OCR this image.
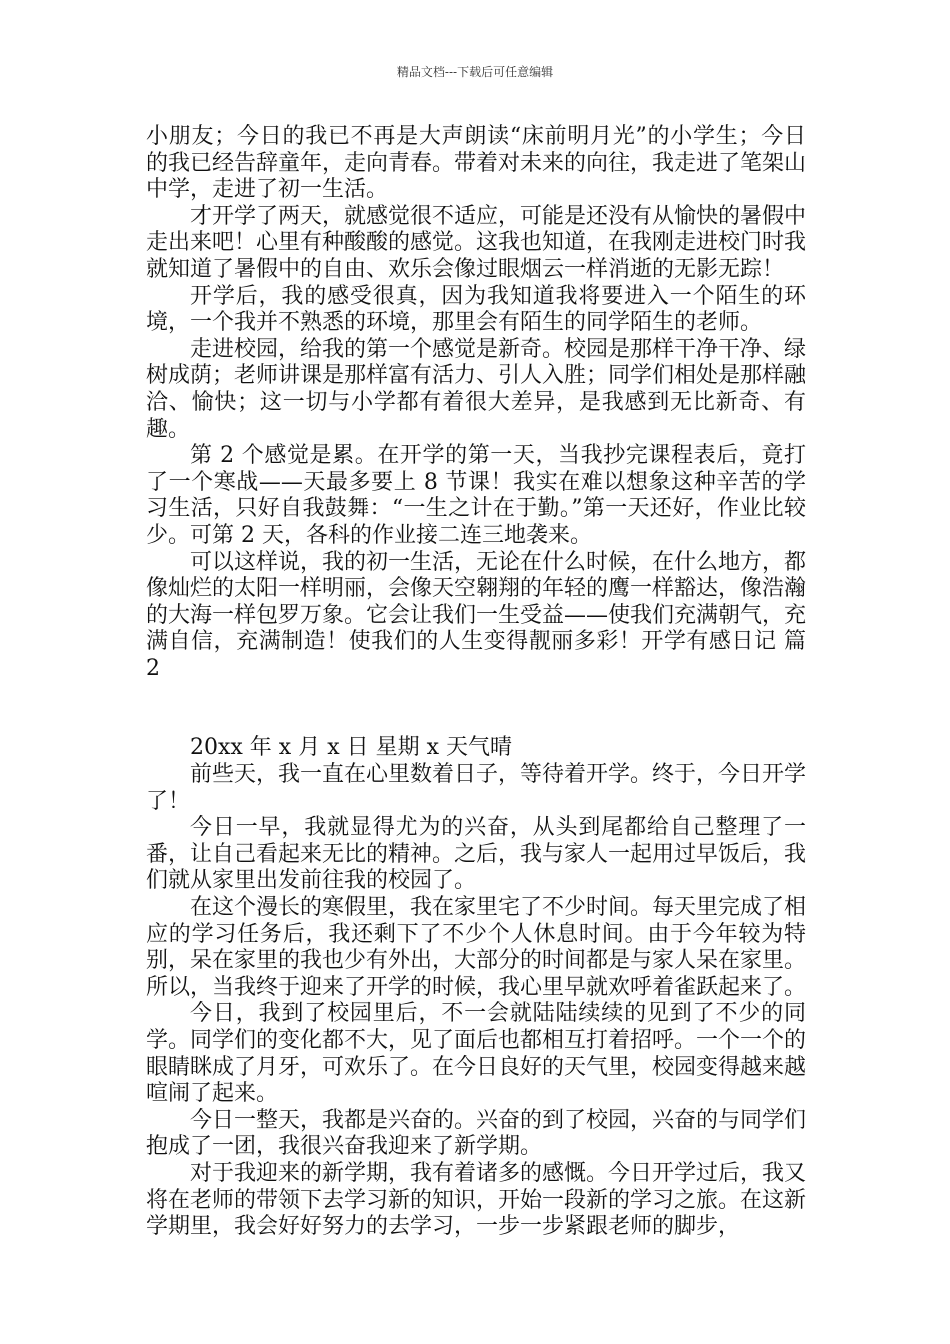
精品文档---下载后可任意编辑

小朋友；今日的我已不再是大声朗读“床前明月光”的小学生；今日的我已经告辞童年，走向青春。带着对未来的向往，我走进了笔架山中学，走进了初一生活。

才开学了两天，就感觉很不适应，可能是还没有从愉快的暑假中走出来吧！心里有种酸酸的感觉。这我也知道，在我刚走进校门时我就知道了暑假中的自由、欢乐会像过眼烟云一样消逝的无影无踪！

开学后，我的感受很真，因为我知道我将要进入一个陌生的环境，一个我并不熟悉的环境，那里会有陌生的同学陌生的老师。

走进校园，给我的第一个感觉是新奇。校园是那样干净干净、绿树成荫；老师讲课是那样富有活力、引人入胜；同学们相处是那样融洽、愉快；这一切与小学都有着很大差异，是我感到无比新奇、有趣。

第 2 个感觉是累。在开学的第一天，当我抄完课程表后，竟打了一个寒战——天最多要上 8 节课！我实在难以想象这种辛苦的学习生活，只好自我鼓舞：“一生之计在于勤。”第一天还好，作业比较少。可第 2 天，各科的作业接二连三地袭来。

可以这样说，我的初一生活，无论在什么时候，在什么地方，都像灿烂的太阳一样明丽，会像天空翱翔的年轻的鹰一样豁达，像浩瀚的大海一样包罗万象。它会让我们一生受益——使我们充满朝气，充满自信，充满制造！使我们的人生变得靓丽多彩！开学有感日记 篇 2

20xx 年 x 月 x 日 星期 x 天气晴

前些天，我一直在心里数着日子，等待着开学。终于，今日开学了！

今日一早，我就显得尤为的兴奋，从头到尾都给自己整理了一番，让自己看起来无比的精神。之后，我与家人一起用过早饭后，我们就从家里出发前往我的校园了。

在这个漫长的寒假里，我在家里宅了不少时间。每天里完成了相应的学习任务后，我还剩下了不少个人休息时间。由于今年较为特别，呆在家里的我也少有外出，大部分的时间都是与家人呆在家里。所以，当我终于迎来了开学的时候，我心里早就欢呼着雀跃起来了。

今日，我到了校园里后，不一会就陆陆续续的见到了不少的同学。同学们的变化都不大，见了面后也都相互打着招呼。一个一个的眼睛眯成了月牙，可欢乐了。在今日良好的天气里，校园变得越来越喧闹了起来。

今日一整天，我都是兴奋的。兴奋的到了校园，兴奋的与同学们抱成了一团，我很兴奋我迎来了新学期。

对于我迎来的新学期，我有着诸多的感慨。今日开学过后，我又将在老师的带领下去学习新的知识，开始一段新的学习之旅。在这新学期里，我会好好努力的去学习，一步一步紧跟老师的脚步，
